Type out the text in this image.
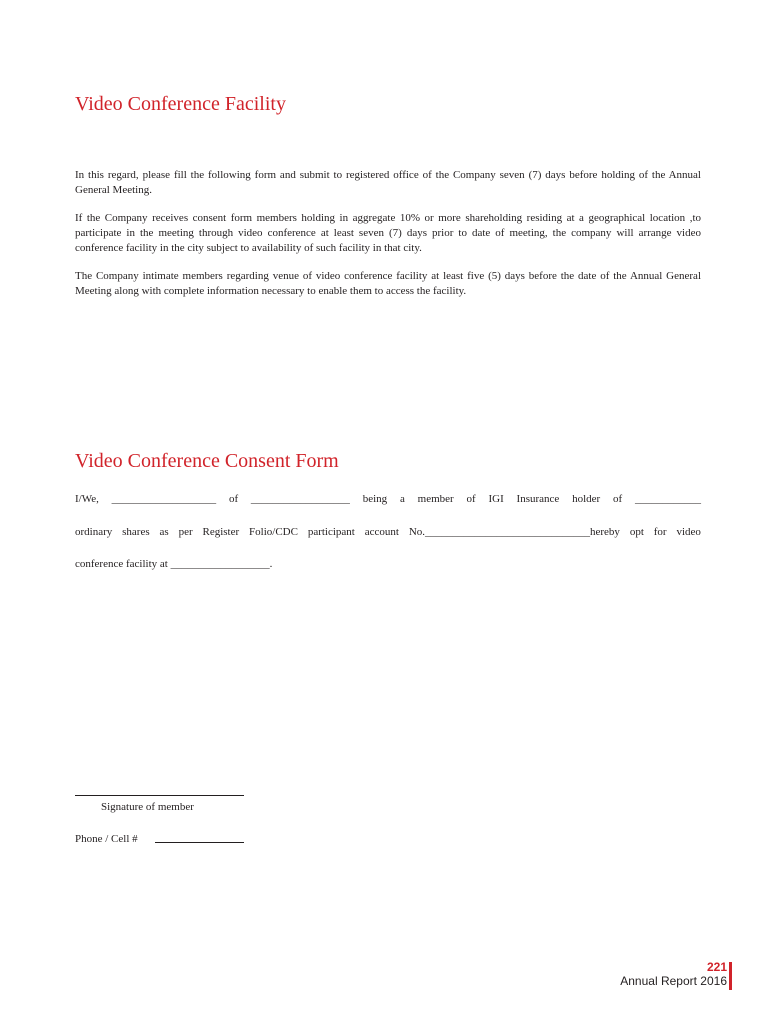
Video Conference Facility

In this regard, please fill the following form and submit to registered office of the Company seven (7) days before holding of the Annual General Meeting.

If the Company receives consent form members holding in aggregate 10% or more shareholding residing at a geographical location ,to participate in the meeting through video conference at least seven (7) days prior to date of meeting, the company will arrange video conference facility in the city subject to availability of such facility in that city.

The Company intimate members regarding venue of video conference facility at least five (5) days before the date of the Annual General Meeting along with complete information necessary to enable them to access the facility.

Video Conference Consent Form
I/We, ___________________ of __________________ being a member of IGI Insurance holder of ____________
ordinary shares as per Register Folio/CDC participant account No.______________________________hereby opt for video
conference facility at __________________.
Signature of member
Phone / Cell #
221
Annual Report 2016
